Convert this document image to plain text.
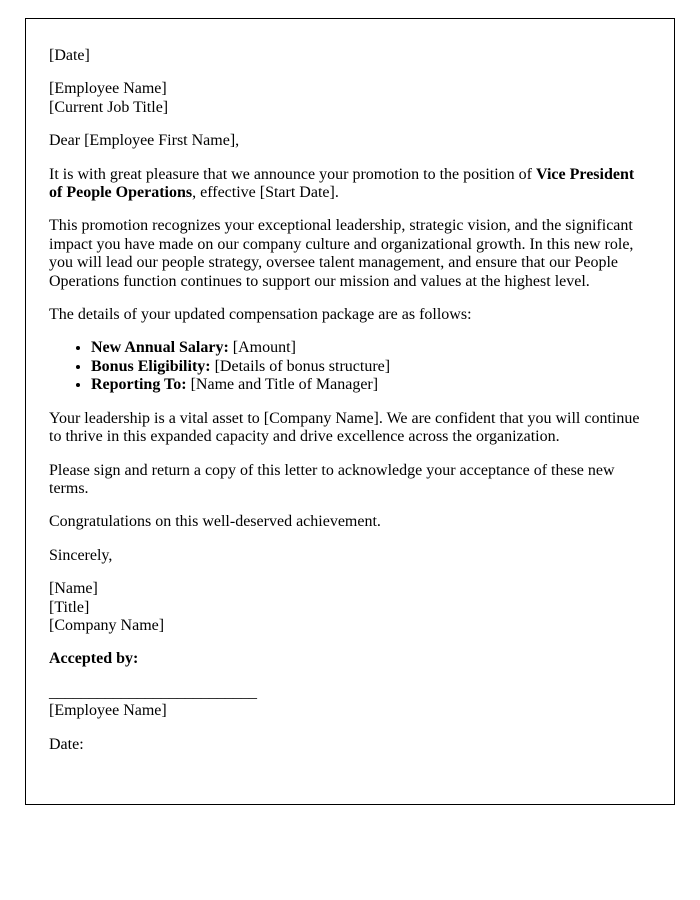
[Date]

[Employee Name]
[Current Job Title]

Dear [Employee First Name],

It is with great pleasure that we announce your promotion to the position of Vice President of People Operations, effective [Start Date].

This promotion recognizes your exceptional leadership, strategic vision, and the significant impact you have made on our company culture and organizational growth. In this new role, you will lead our people strategy, oversee talent management, and ensure that our People Operations function continues to support our mission and values at the highest level.

The details of your updated compensation package are as follows:

• New Annual Salary: [Amount]
• Bonus Eligibility: [Details of bonus structure]
• Reporting To: [Name and Title of Manager]

Your leadership is a vital asset to [Company Name]. We are confident that you will continue to thrive in this expanded capacity and drive excellence across the organization.

Please sign and return a copy of this letter to acknowledge your acceptance of these new terms.

Congratulations on this well-deserved achievement.

Sincerely,

[Name]
[Title]
[Company Name]

Accepted by:

__________________________
[Employee Name]

Date:
